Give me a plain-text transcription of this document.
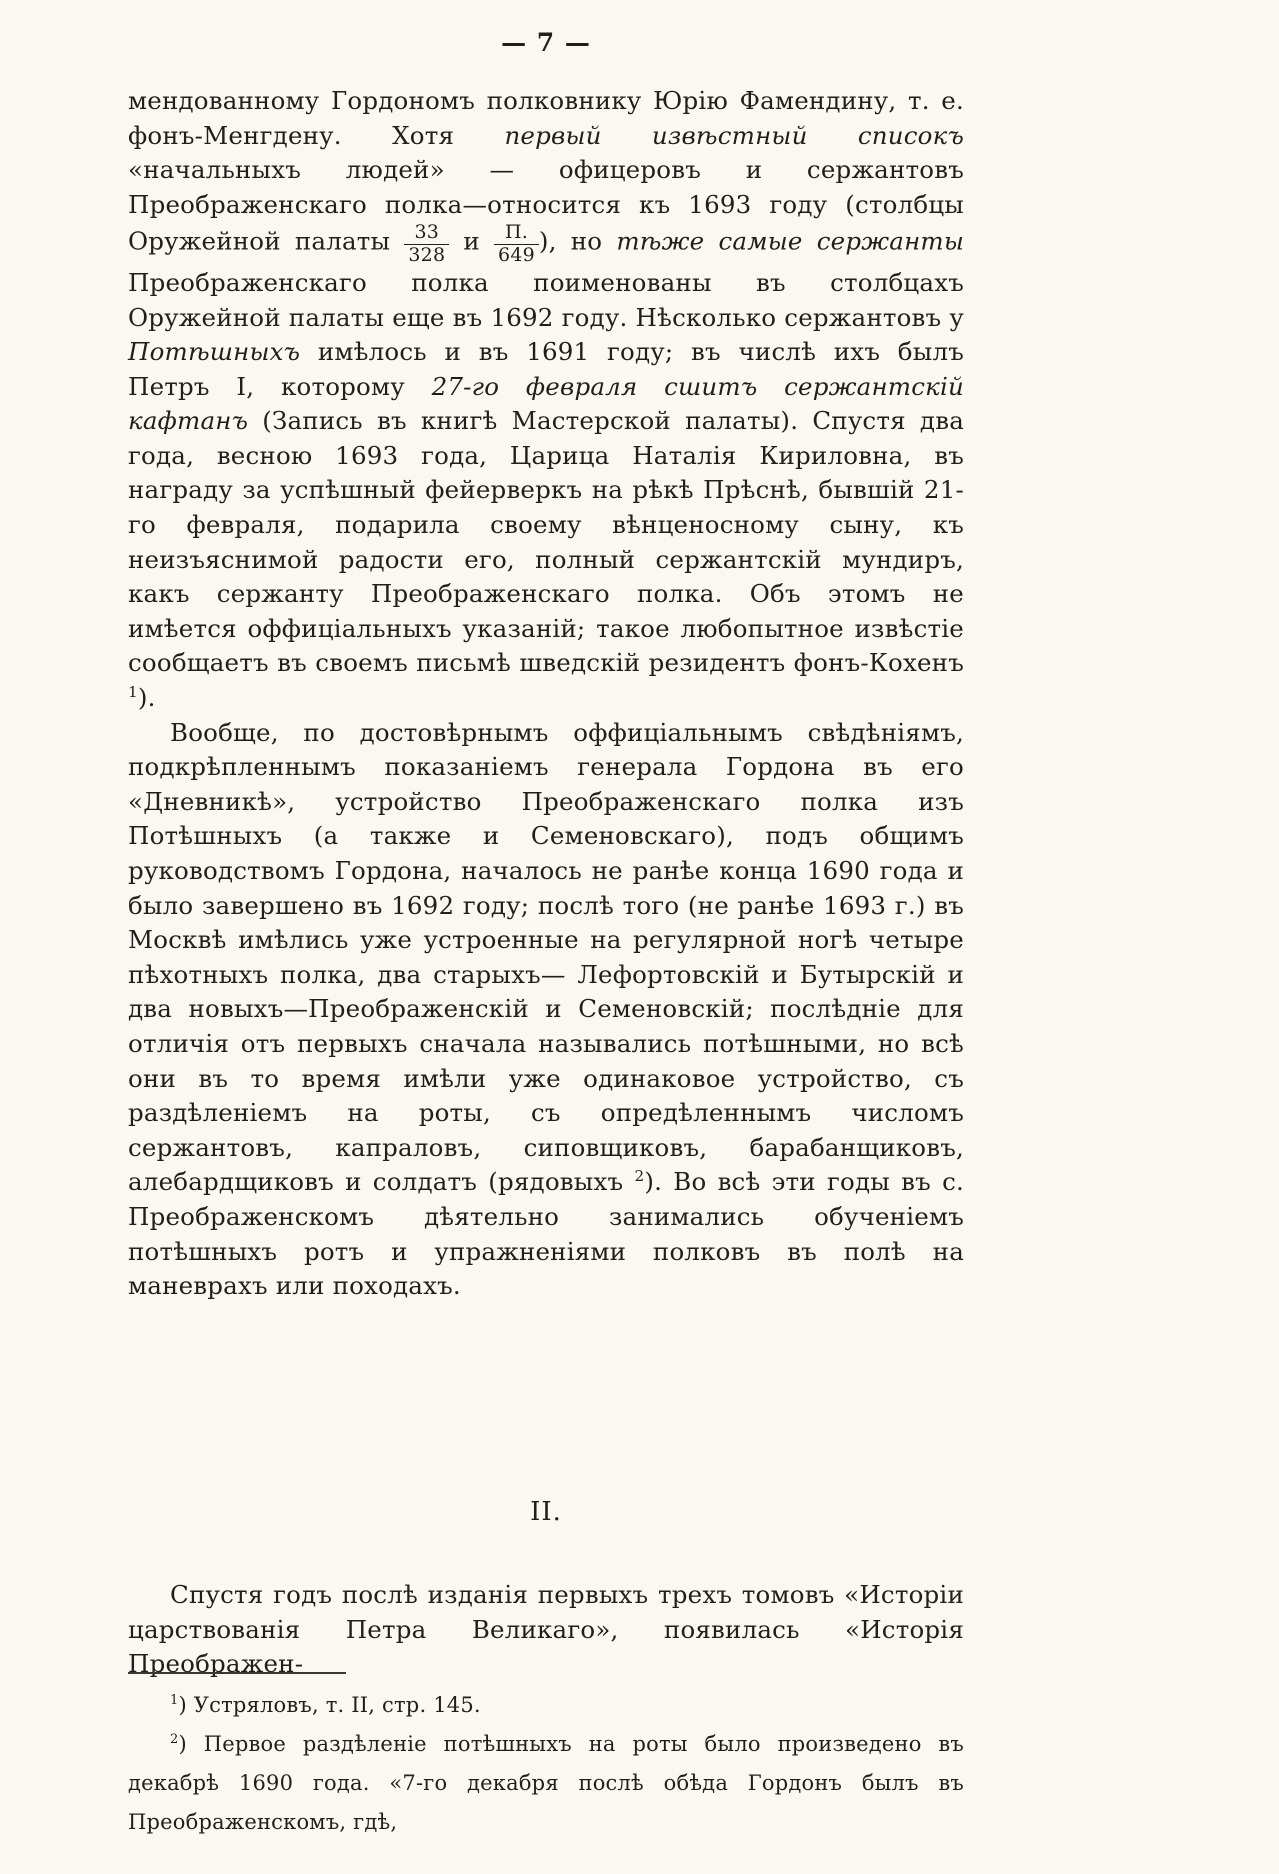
— 7 —

мендованному Гордономъ полковнику Юрію Фамендину, т. е. фонъ-Менгдену. Хотя первый извѣстный списокъ «начальныхъ людей» — офицеровъ и сержантовъ Преображенскаго полка—относится къ 1693 году (столбцы Оружейной палаты $\frac{33}{328}$ и $\frac{П.}{649}$ ), но тѣже самые сержанты Преображенскаго полка поименованы въ столбцахъ Оружейной палаты еще въ 1692 году. Нѣсколько сержантовъ у Потѣшныхъ имѣлось и въ 1691 году; въ числѣ ихъ былъ Петръ I, которому 27-го февраля сшитъ сержантскій кафтанъ (Запись въ книгѣ Мастерской палаты). Спустя два года, весною 1693 года, Царица Наталія Кириловна, въ награду за успѣшный фейерверкъ на рѣкѣ Прѣснѣ, бывшій 21-го февраля, подарила своему вѣнценосному сыну, къ неизъяснимой радости его, полный сержантскій мундиръ, какъ сержанту Преображенскаго полка. Объ этомъ не имѣется оффиціальныхъ указаній; такое любопытное извѣстіе сообщаетъ въ своемъ письмѣ шведскій резидентъ фонъ-Кохенъ $^1$).

Вообще, по достовѣрнымъ оффиціальнымъ свѣдѣніямъ, подкрѣпленнымъ показаніемъ генерала Гордона въ его «Дневникѣ», устройство Преображенскаго полка изъ Потѣшныхъ (а также и Семеновскаго), подъ общимъ руководствомъ Гордона, началось не ранѣе конца 1690 года и было завершено въ 1692 году; послѣ того (не ранѣе 1693 г.) въ Москвѣ имѣлись уже устроенные на регулярной ногѣ четыре пѣхотныхъ полка, два старыхъ— Лефортовскій и Бутырскій и два новыхъ—Преображенскій и Семеновскій; послѣдніе для отличія отъ первыхъ сначала назывались потѣшными, но всѣ они въ то время имѣли уже одинаковое устройство, съ раздѣленіемъ на роты, съ опредѣленнымъ числомъ сержантовъ, капраловъ, сиповщиковъ, барабанщиковъ, алебардщиковъ и солдатъ (рядовыхъ $^2$). Во всѣ эти годы въ с. Преображенскомъ дѣятельно занимались обученіемъ потѣшныхъ ротъ и упражненіями полковъ въ полѣ на маневрахъ или походахъ.

II.

Спустя годъ послѣ изданія первыхъ трехъ томовъ «Исторіи царствованія Петра Великаго», появилась «Исторія Преображен-

$^1$) Устряловъ, т. II, стр. 145.

$^2$) Первое раздѣленіе потѣшныхъ на роты было произведено въ декабрѣ 1690 года. «7-го декабря послѣ обѣда Гордонъ былъ въ Преображенскомъ, гдѣ,
